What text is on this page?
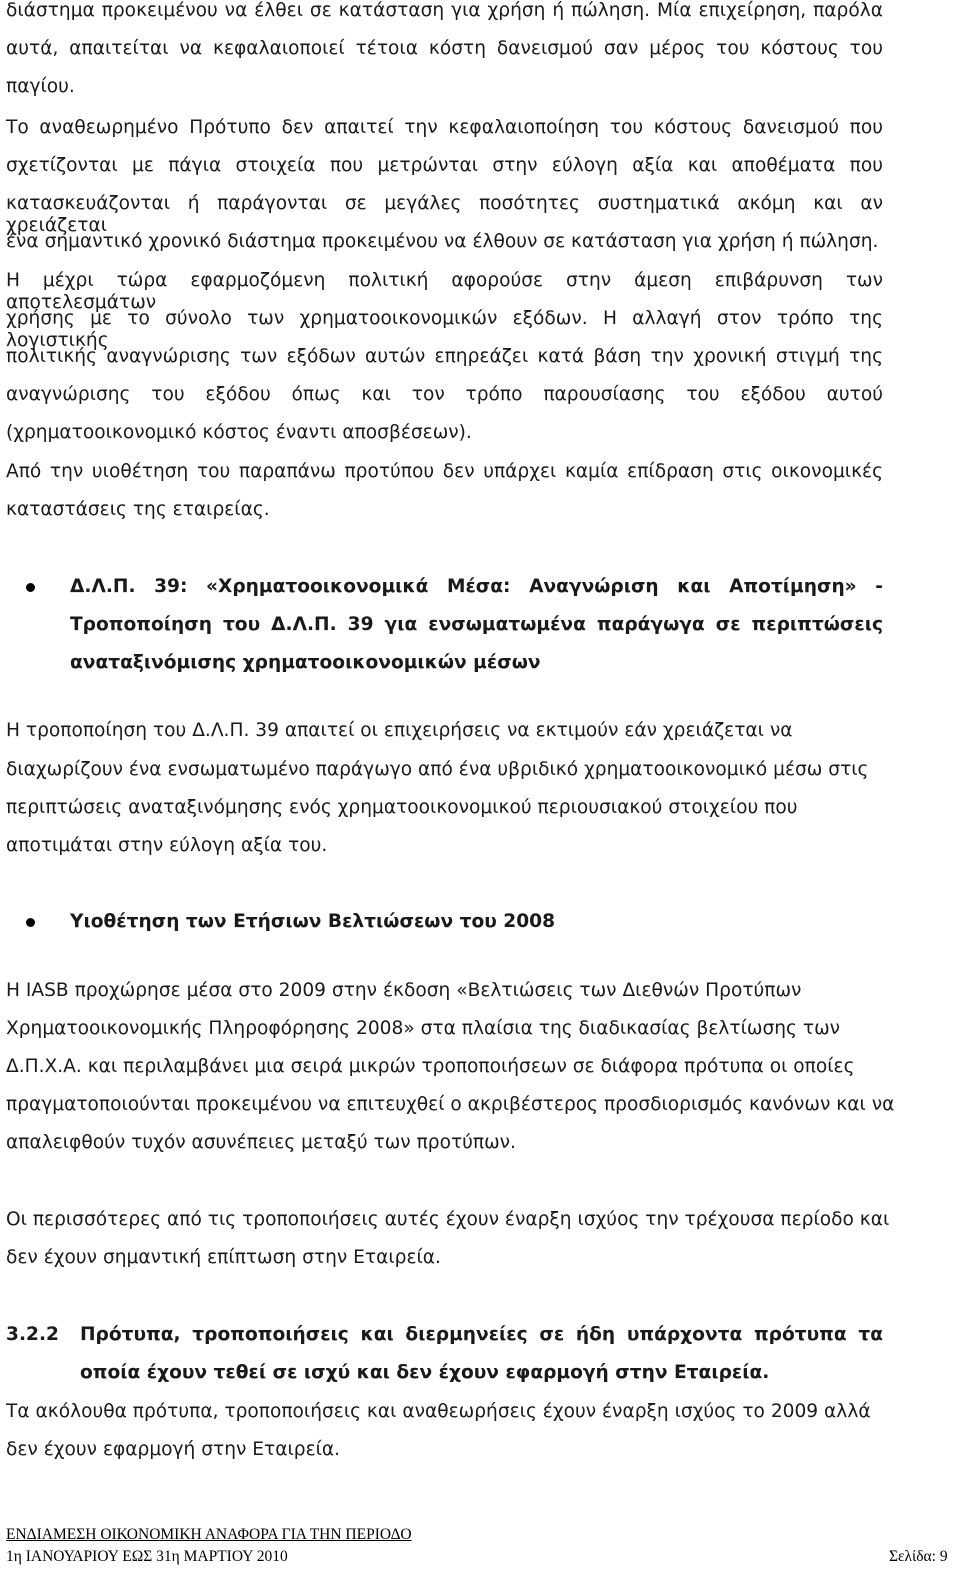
διάστημα προκειμένου να έλθει σε κατάσταση για χρήση ή πώληση. Μία επιχείρηση, παρόλα
αυτά, απαιτείται να κεφαλαιοποιεί τέτοια κόστη δανεισμού σαν μέρος του κόστους του
παγίου.
Το αναθεωρημένο Πρότυπο δεν απαιτεί την κεφαλαιοποίηση του κόστους δανεισμού που
σχετίζονται με πάγια στοιχεία που μετρώνται στην εύλογη αξία και αποθέματα που
κατασκευάζονται ή παράγονται σε μεγάλες ποσότητες συστηματικά ακόμη και αν χρειάζεται
ένα σημαντικό χρονικό διάστημα προκειμένου να έλθουν σε κατάσταση για χρήση ή πώληση.
Η μέχρι τώρα εφαρμοζόμενη πολιτική αφορούσε στην άμεση επιβάρυνση των αποτελεσμάτων
χρήσης με το σύνολο των χρηματοοικονομικών εξόδων. Η αλλαγή στον τρόπο της λογιστικής
πολιτικής αναγνώρισης των εξόδων αυτών επηρεάζει κατά βάση την χρονική στιγμή της
αναγνώρισης του εξόδου όπως και τον τρόπο παρουσίασης του εξόδου αυτού
(χρηματοοικονομικό κόστος έναντι αποσβέσεων).
Από την υιοθέτηση του παραπάνω προτύπου δεν υπάρχει καμία επίδραση στις οικονομικές
καταστάσεις της εταιρείας.
Δ.Λ.Π. 39: «Χρηματοοικονομικά Μέσα: Αναγνώριση και Αποτίμηση» -
Τροποποίηση του Δ.Λ.Π. 39 για ενσωματωμένα παράγωγα σε περιπτώσεις
αναταξινόμισης χρηματοοικονομικών μέσων
Η τροποποίηση του Δ.Λ.Π. 39 απαιτεί οι επιχειρήσεις να εκτιμούν εάν χρειάζεται να
διαχωρίζουν ένα ενσωματωμένο παράγωγο από ένα υβριδικό χρηματοοικονομικό μέσω στις
περιπτώσεις αναταξινόμησης ενός χρηματοοικονομικού περιουσιακού στοιχείου που
αποτιμάται στην εύλογη αξία του.
Υιοθέτηση των Ετήσιων Βελτιώσεων του 2008
Η IASB προχώρησε μέσα στο 2009 στην έκδοση «Βελτιώσεις των Διεθνών Προτύπων
Χρηματοοικονομικής Πληροφόρησης 2008» στα πλαίσια της διαδικασίας βελτίωσης των
Δ.Π.Χ.Α. και περιλαμβάνει μια σειρά μικρών τροποποιήσεων σε διάφορα πρότυπα οι οποίες
πραγματοποιούνται προκειμένου να επιτευχθεί ο ακριβέστερος προσδιορισμός κανόνων και να
απαλειφθούν τυχόν ασυνέπειες μεταξύ των προτύπων.
Οι περισσότερες από τις τροποποιήσεις αυτές έχουν έναρξη ισχύος την τρέχουσα περίοδο και
δεν έχουν σημαντική επίπτωση στην Εταιρεία.
3.2.2 Πρότυπα, τροποποιήσεις και διερμηνείες σε ήδη υπάρχοντα πρότυπα τα
οποία έχουν τεθεί σε ισχύ και δεν έχουν εφαρμογή στην Εταιρεία.
Τα ακόλουθα πρότυπα, τροποποιήσεις και αναθεωρήσεις έχουν έναρξη ισχύος το 2009 αλλά
δεν έχουν εφαρμογή στην Εταιρεία.
ΕΝΔΙΑΜΕΣΗ ΟΙΚΟΝΟΜΙΚΗ ΑΝΑΦΟΡΑ ΓΙΑ ΤΗΝ ΠΕΡΙΟΔΟ
1η ΙΑΝΟΥΑΡΙΟΥ ΕΩΣ 31η ΜΑΡΤΙΟΥ 2010	Σελίδα: 9
